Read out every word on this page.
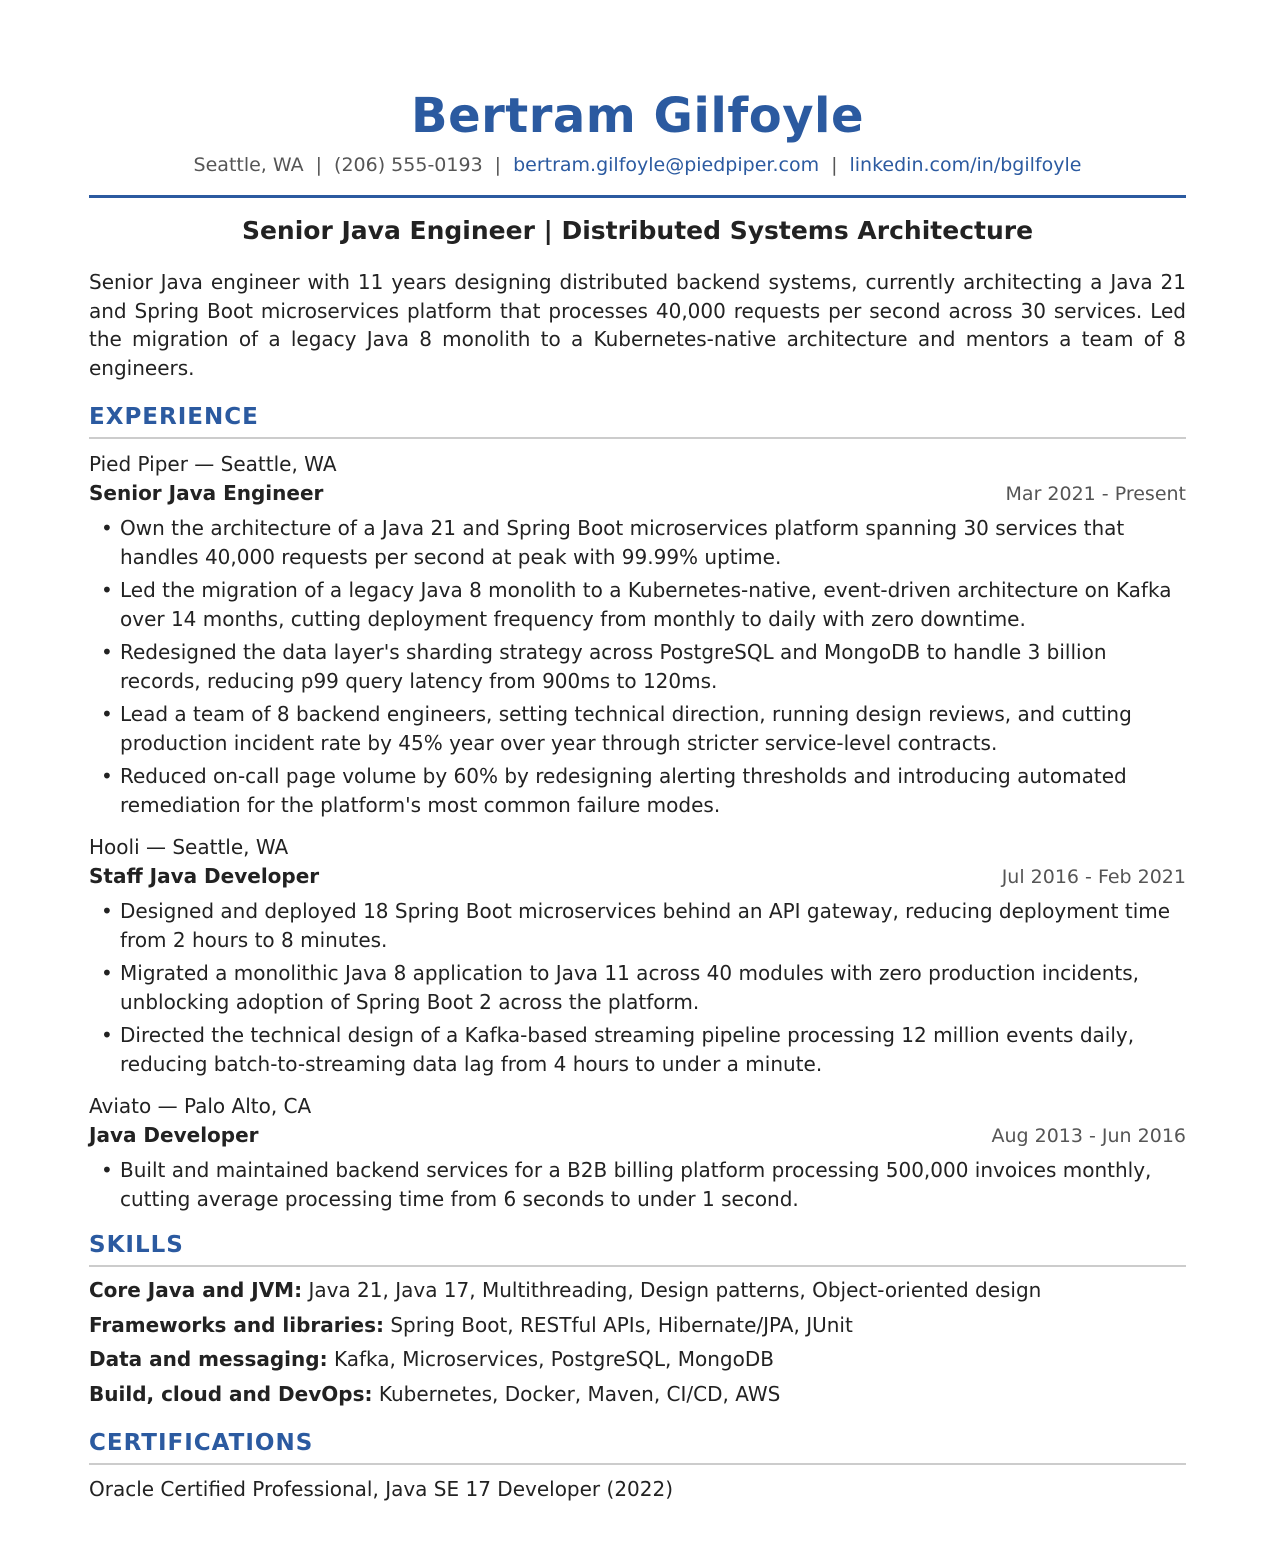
Bertram Gilfoyle
Seattle, WA | (206) 555-0193 | bertram.gilfoyle@piedpiper.com | linkedin.com/in/bgilfoyle
Senior Java Engineer | Distributed Systems Architecture
Senior Java engineer with 11 years designing distributed backend systems, currently architecting a Java 21 and Spring Boot microservices platform that processes 40,000 requests per second across 30 services. Led the migration of a legacy Java 8 monolith to a Kubernetes-native architecture and mentors a team of 8 engineers.
EXPERIENCE
Pied Piper — Seattle, WA
Senior Java Engineer	Mar 2021 - Present
• Own the architecture of a Java 21 and Spring Boot microservices platform spanning 30 services that handles 40,000 requests per second at peak with 99.99% uptime.
• Led the migration of a legacy Java 8 monolith to a Kubernetes-native, event-driven architecture on Kafka over 14 months, cutting deployment frequency from monthly to daily with zero downtime.
• Redesigned the data layer's sharding strategy across PostgreSQL and MongoDB to handle 3 billion records, reducing p99 query latency from 900ms to 120ms.
• Lead a team of 8 backend engineers, setting technical direction, running design reviews, and cutting production incident rate by 45% year over year through stricter service-level contracts.
• Reduced on-call page volume by 60% by redesigning alerting thresholds and introducing automated remediation for the platform's most common failure modes.
Hooli — Seattle, WA
Staff Java Developer	Jul 2016 - Feb 2021
• Designed and deployed 18 Spring Boot microservices behind an API gateway, reducing deployment time from 2 hours to 8 minutes.
• Migrated a monolithic Java 8 application to Java 11 across 40 modules with zero production incidents, unblocking adoption of Spring Boot 2 across the platform.
• Directed the technical design of a Kafka-based streaming pipeline processing 12 million events daily, reducing batch-to-streaming data lag from 4 hours to under a minute.
Aviato — Palo Alto, CA
Java Developer	Aug 2013 - Jun 2016
• Built and maintained backend services for a B2B billing platform processing 500,000 invoices monthly, cutting average processing time from 6 seconds to under 1 second.
SKILLS
Core Java and JVM: Java 21, Java 17, Multithreading, Design patterns, Object-oriented design
Frameworks and libraries: Spring Boot, RESTful APIs, Hibernate/JPA, JUnit
Data and messaging: Kafka, Microservices, PostgreSQL, MongoDB
Build, cloud and DevOps: Kubernetes, Docker, Maven, CI/CD, AWS
CERTIFICATIONS
Oracle Certified Professional, Java SE 17 Developer (2022)
